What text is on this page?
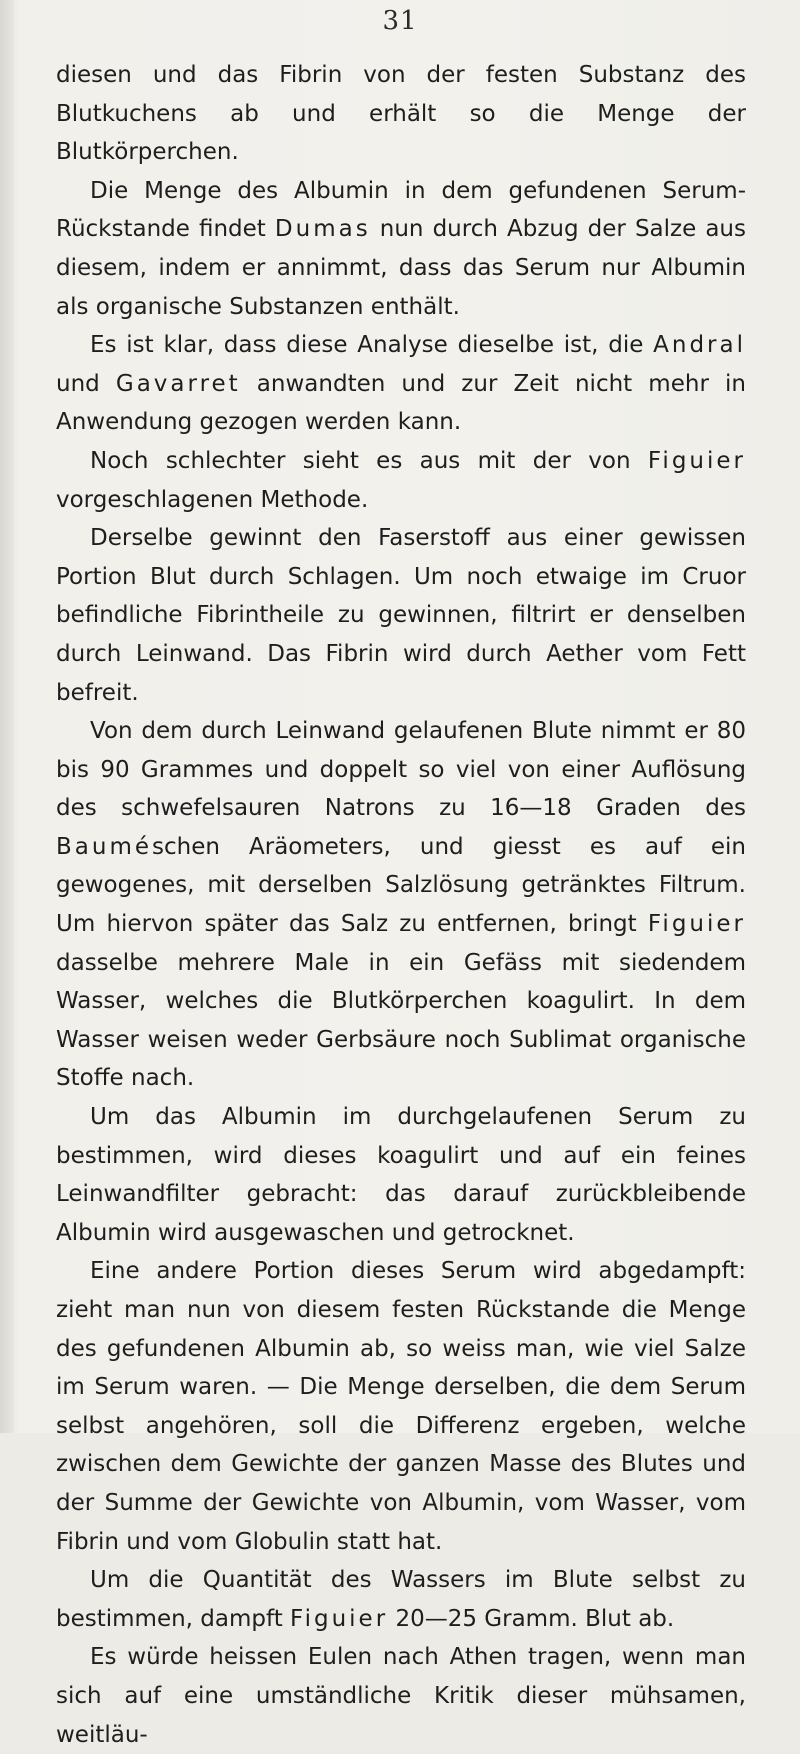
31

diesen und das Fibrin von der festen Substanz des Blutkuchens ab und erhält so die Menge der Blutkörperchen.

Die Menge des Albumin in dem gefundenen Serum-Rückstande findet Dumas nun durch Abzug der Salze aus diesem, indem er annimmt, dass das Serum nur Albumin als organische Substanzen enthält.

Es ist klar, dass diese Analyse dieselbe ist, die Andral und Gavarret anwandten und zur Zeit nicht mehr in Anwendung gezogen werden kann.

Noch schlechter sieht es aus mit der von Figuier vorgeschlagenen Methode.

Derselbe gewinnt den Faserstoff aus einer gewissen Portion Blut durch Schlagen. Um noch etwaige im Cruor befindliche Fibrintheile zu gewinnen, filtrirt er denselben durch Leinwand. Das Fibrin wird durch Aether vom Fett befreit.

Von dem durch Leinwand gelaufenen Blute nimmt er 80 bis 90 Grammes und doppelt so viel von einer Auflösung des schwefelsauren Natrons zu 16—18 Graden des Bauméschen Aräometers, und giesst es auf ein gewogenes, mit derselben Salzlösung getränktes Filtrum. Um hiervon später das Salz zu entfernen, bringt Figuier dasselbe mehrere Male in ein Gefäss mit siedendem Wasser, welches die Blutkörperchen koagulirt. In dem Wasser weisen weder Gerbsäure noch Sublimat organische Stoffe nach.

Um das Albumin im durchgelaufenen Serum zu bestimmen, wird dieses koagulirt und auf ein feines Leinwandfilter gebracht: das darauf zurückbleibende Albumin wird ausgewaschen und getrocknet.

Eine andere Portion dieses Serum wird abgedampft: zieht man nun von diesem festen Rückstande die Menge des gefundenen Albumin ab, so weiss man, wie viel Salze im Serum waren. — Die Menge derselben, die dem Serum selbst angehören, soll die Differenz ergeben, welche zwischen dem Gewichte der ganzen Masse des Blutes und der Summe der Gewichte von Albumin, vom Wasser, vom Fibrin und vom Globulin statt hat.

Um die Quantität des Wassers im Blute selbst zu bestimmen, dampft Figuier 20—25 Gramm. Blut ab.

Es würde heissen Eulen nach Athen tragen, wenn man sich auf eine umständliche Kritik dieser mühsamen, weitläu-
